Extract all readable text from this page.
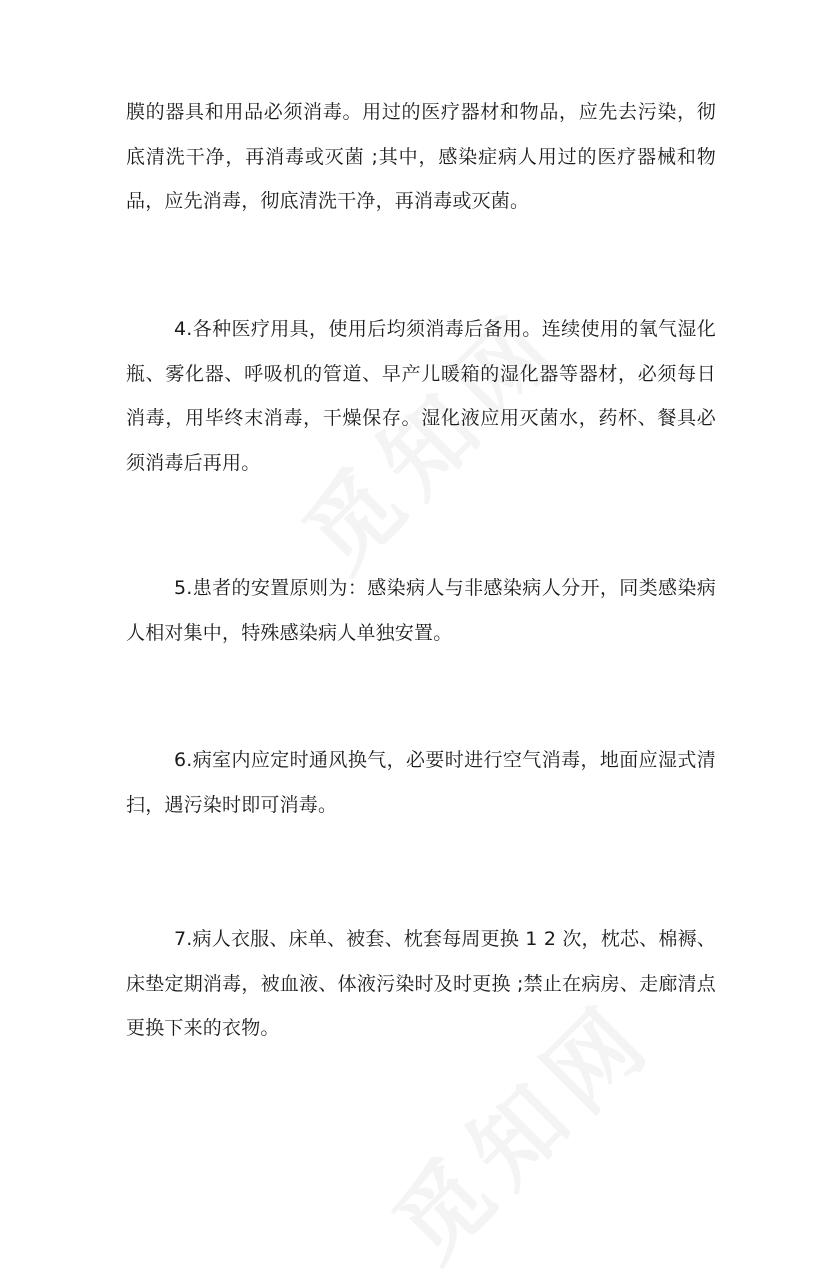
膜的器具和用品必须消毒。用过的医疗器材和物品，应先去污染，彻底清洗干净，再消毒或灭菌 ;其中，感染症病人用过的医疗器械和物品，应先消毒，彻底清洗干净，再消毒或灭菌。

4.各种医疗用具，使用后均须消毒后备用。连续使用的氧气湿化瓶、雾化器、呼吸机的管道、早产儿暖箱的湿化器等器材，必须每日消毒，用毕终末消毒，干燥保存。湿化液应用灭菌水，药杯、餐具必须消毒后再用。

5.患者的安置原则为：感染病人与非感染病人分开，同类感染病人相对集中，特殊感染病人单独安置。

6.病室内应定时通风换气，必要时进行空气消毒，地面应湿式清扫，遇污染时即可消毒。

7.病人衣服、床单、被套、枕套每周更换 1 2 次，枕芯、棉褥、床垫定期消毒，被血液、体液污染时及时更换 ;禁止在病房、走廊清点更换下来的衣物。
